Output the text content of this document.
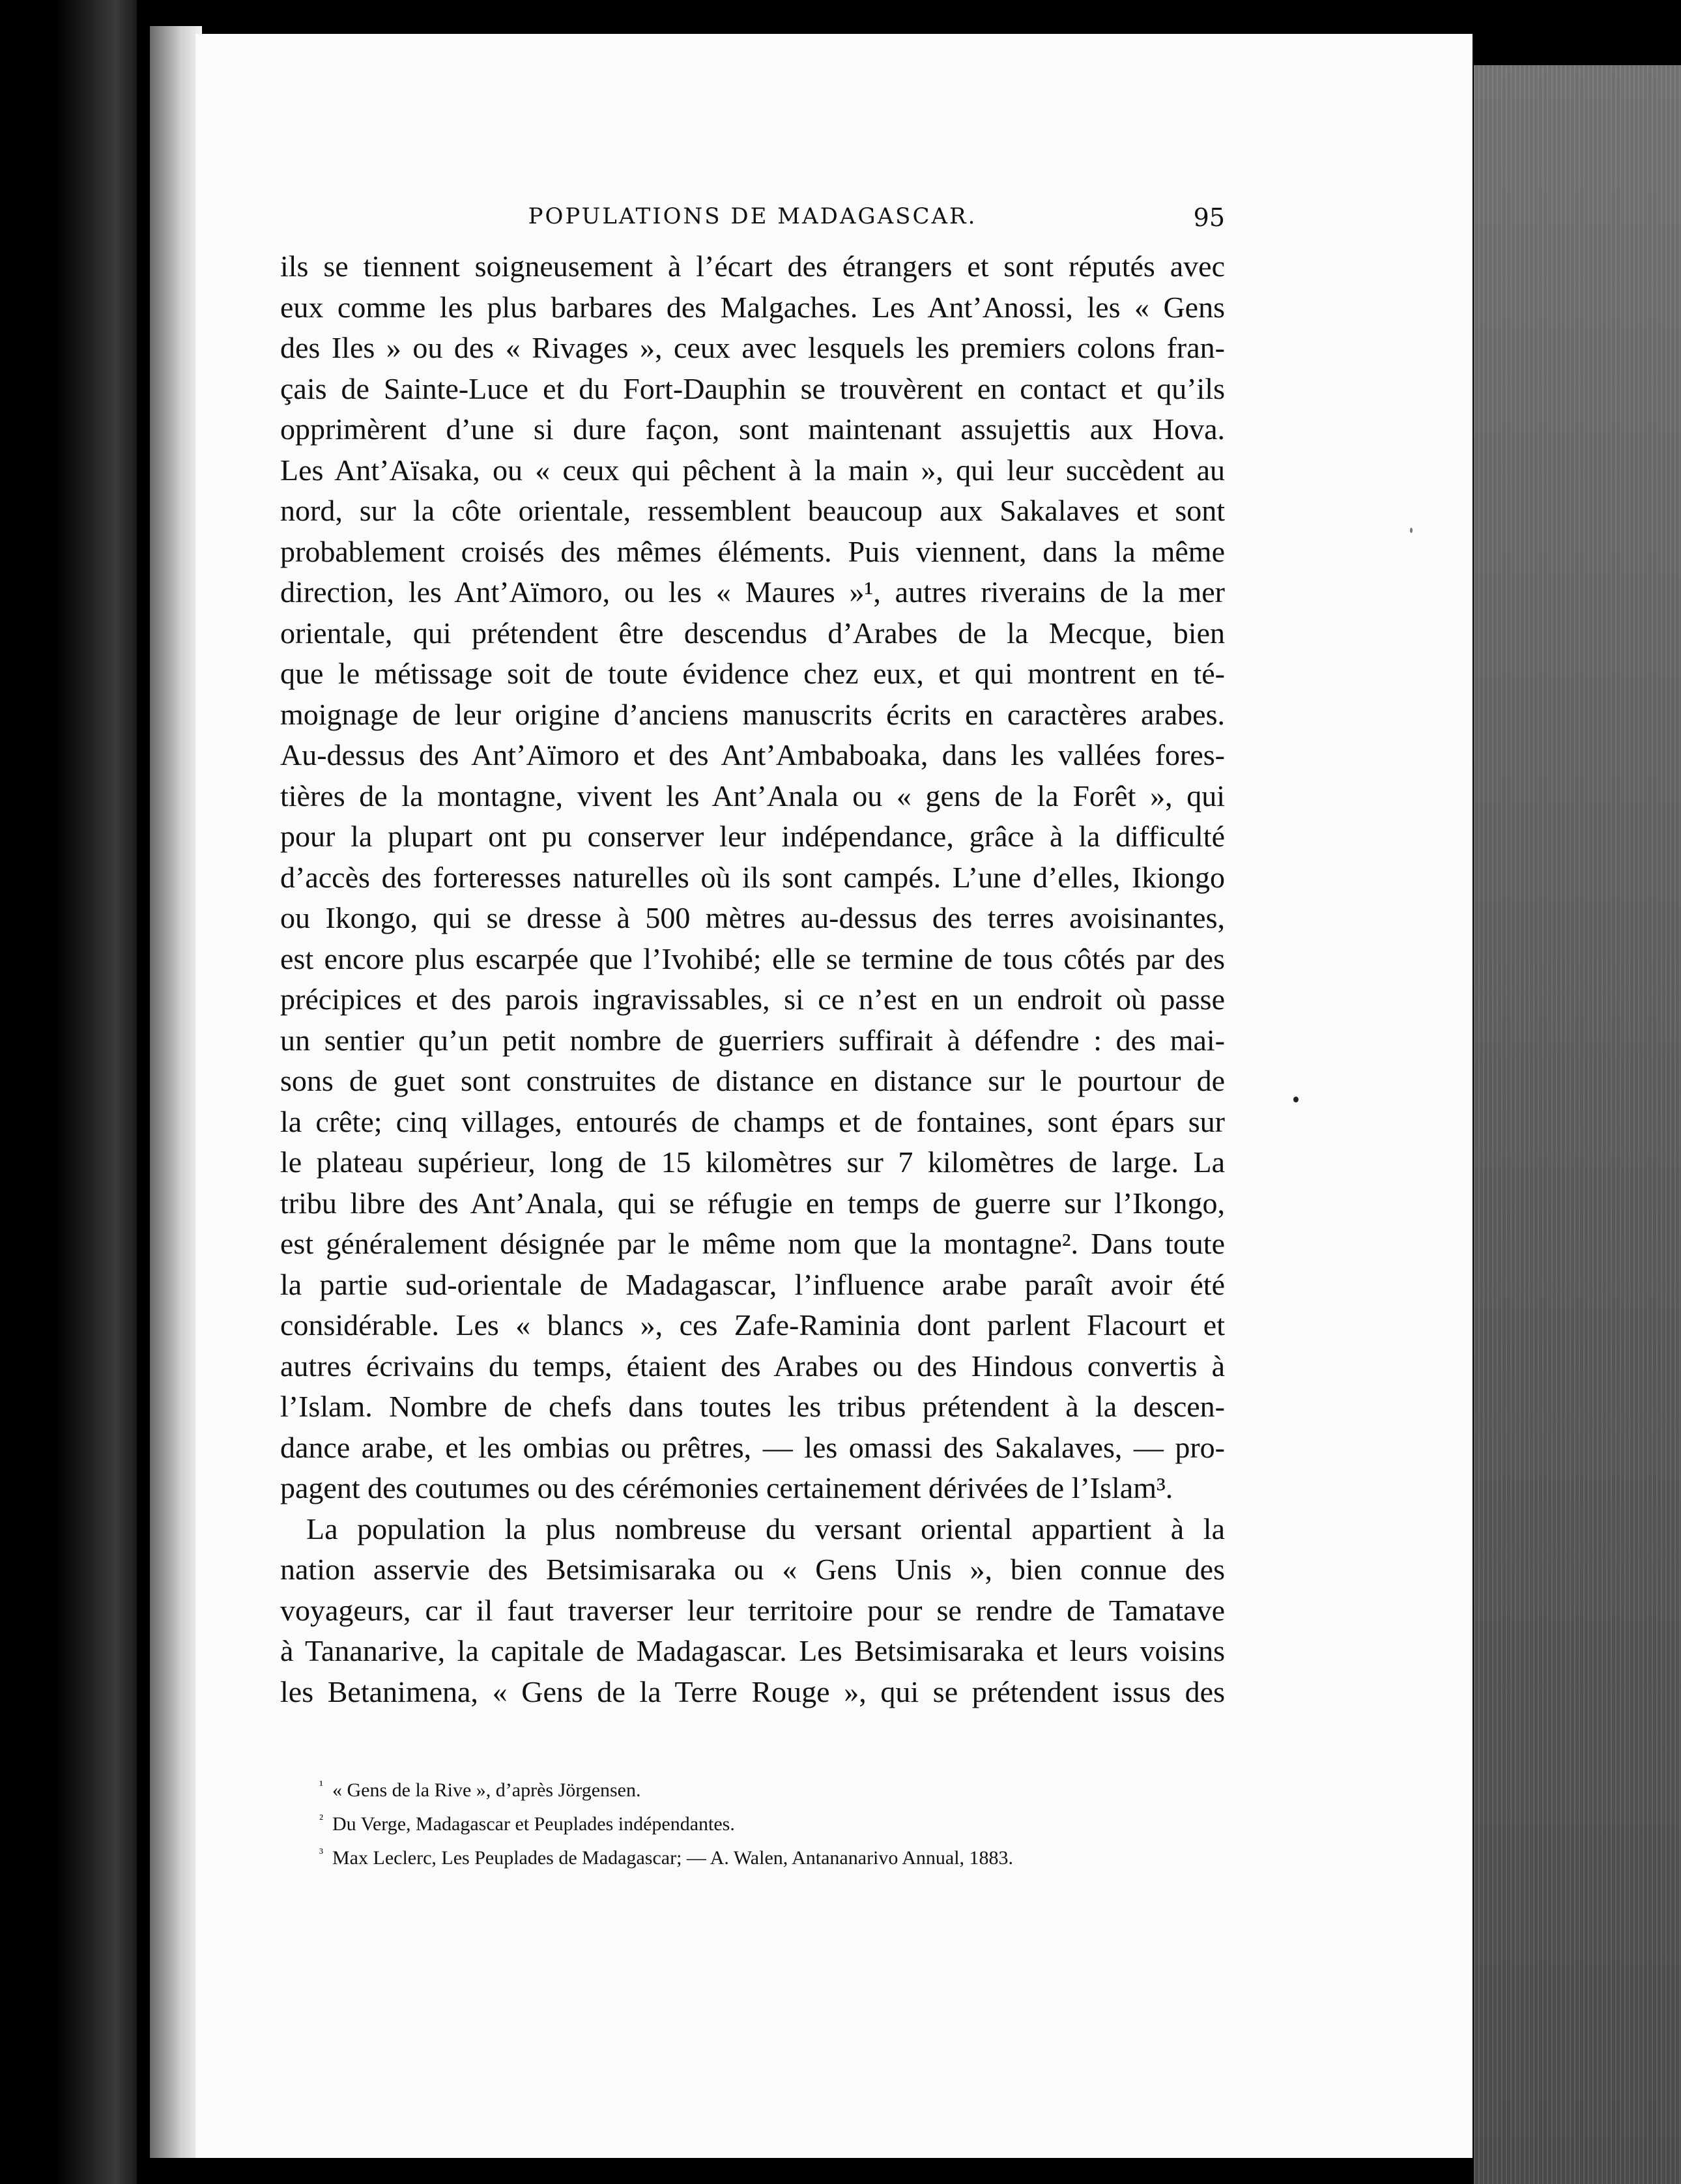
POPULATIONS DE MADAGASCAR.	95
ils se tiennent soigneusement à l’écart des étrangers et sont réputés avec
eux comme les plus barbares des Malgaches. Les Ant’Anossi, les « Gens
des Iles » ou des « Rivages », ceux avec lesquels les premiers colons fran-
çais de Sainte-Luce et du Fort-Dauphin se trouvèrent en contact et qu’ils
opprimèrent d’une si dure façon, sont maintenant assujettis aux Hova.
Les Ant’Aïsaka, ou « ceux qui pêchent à la main », qui leur succèdent au
nord, sur la côte orientale, ressemblent beaucoup aux Sakalaves et sont
probablement croisés des mêmes éléments. Puis viennent, dans la même
direction, les Ant’Aïmoro, ou les « Maures »¹, autres riverains de la mer
orientale, qui prétendent être descendus d’Arabes de la Mecque, bien
que le métissage soit de toute évidence chez eux, et qui montrent en té-
moignage de leur origine d’anciens manuscrits écrits en caractères arabes.
Au-dessus des Ant’Aïmoro et des Ant’Ambaboaka, dans les vallées fores-
tières de la montagne, vivent les Ant’Anala ou « gens de la Forêt », qui
pour la plupart ont pu conserver leur indépendance, grâce à la difficulté
d’accès des forteresses naturelles où ils sont campés. L’une d’elles, Ikiongo
ou Ikongo, qui se dresse à 500 mètres au-dessus des terres avoisinantes,
est encore plus escarpée que l’Ivohibé; elle se termine de tous côtés par des
précipices et des parois ingravissables, si ce n’est en un endroit où passe
un sentier qu’un petit nombre de guerriers suffirait à défendre : des mai-
sons de guet sont construites de distance en distance sur le pourtour de
la crête; cinq villages, entourés de champs et de fontaines, sont épars sur
le plateau supérieur, long de 15 kilomètres sur 7 kilomètres de large. La
tribu libre des Ant’Anala, qui se réfugie en temps de guerre sur l’Ikongo,
est généralement désignée par le même nom que la montagne². Dans toute
la partie sud-orientale de Madagascar, l’influence arabe paraît avoir été
considérable. Les « blancs », ces Zafe-Raminia dont parlent Flacourt et
autres écrivains du temps, étaient des Arabes ou des Hindous convertis à
l’Islam. Nombre de chefs dans toutes les tribus prétendent à la descen-
dance arabe, et les ombias ou prêtres, — les omassi des Sakalaves, — pro-
pagent des coutumes ou des cérémonies certainement dérivées de l’Islam³.
La population la plus nombreuse du versant oriental appartient à la
nation asservie des Betsimisaraka ou « Gens Unis », bien connue des
voyageurs, car il faut traverser leur territoire pour se rendre de Tamatave
à Tananarive, la capitale de Madagascar. Les Betsimisaraka et leurs voisins
les Betanimena, « Gens de la Terre Rouge », qui se prétendent issus des
$^{^1}$ « Gens de la Rive », d’après Jörgensen.
$^{^2}$ Du Verge, Madagascar et Peuplades indépendantes.
$^{^3}$ Max Leclerc, Les Peuplades de Madagascar; — A. Walen, Antananarivo Annual, 1883.
